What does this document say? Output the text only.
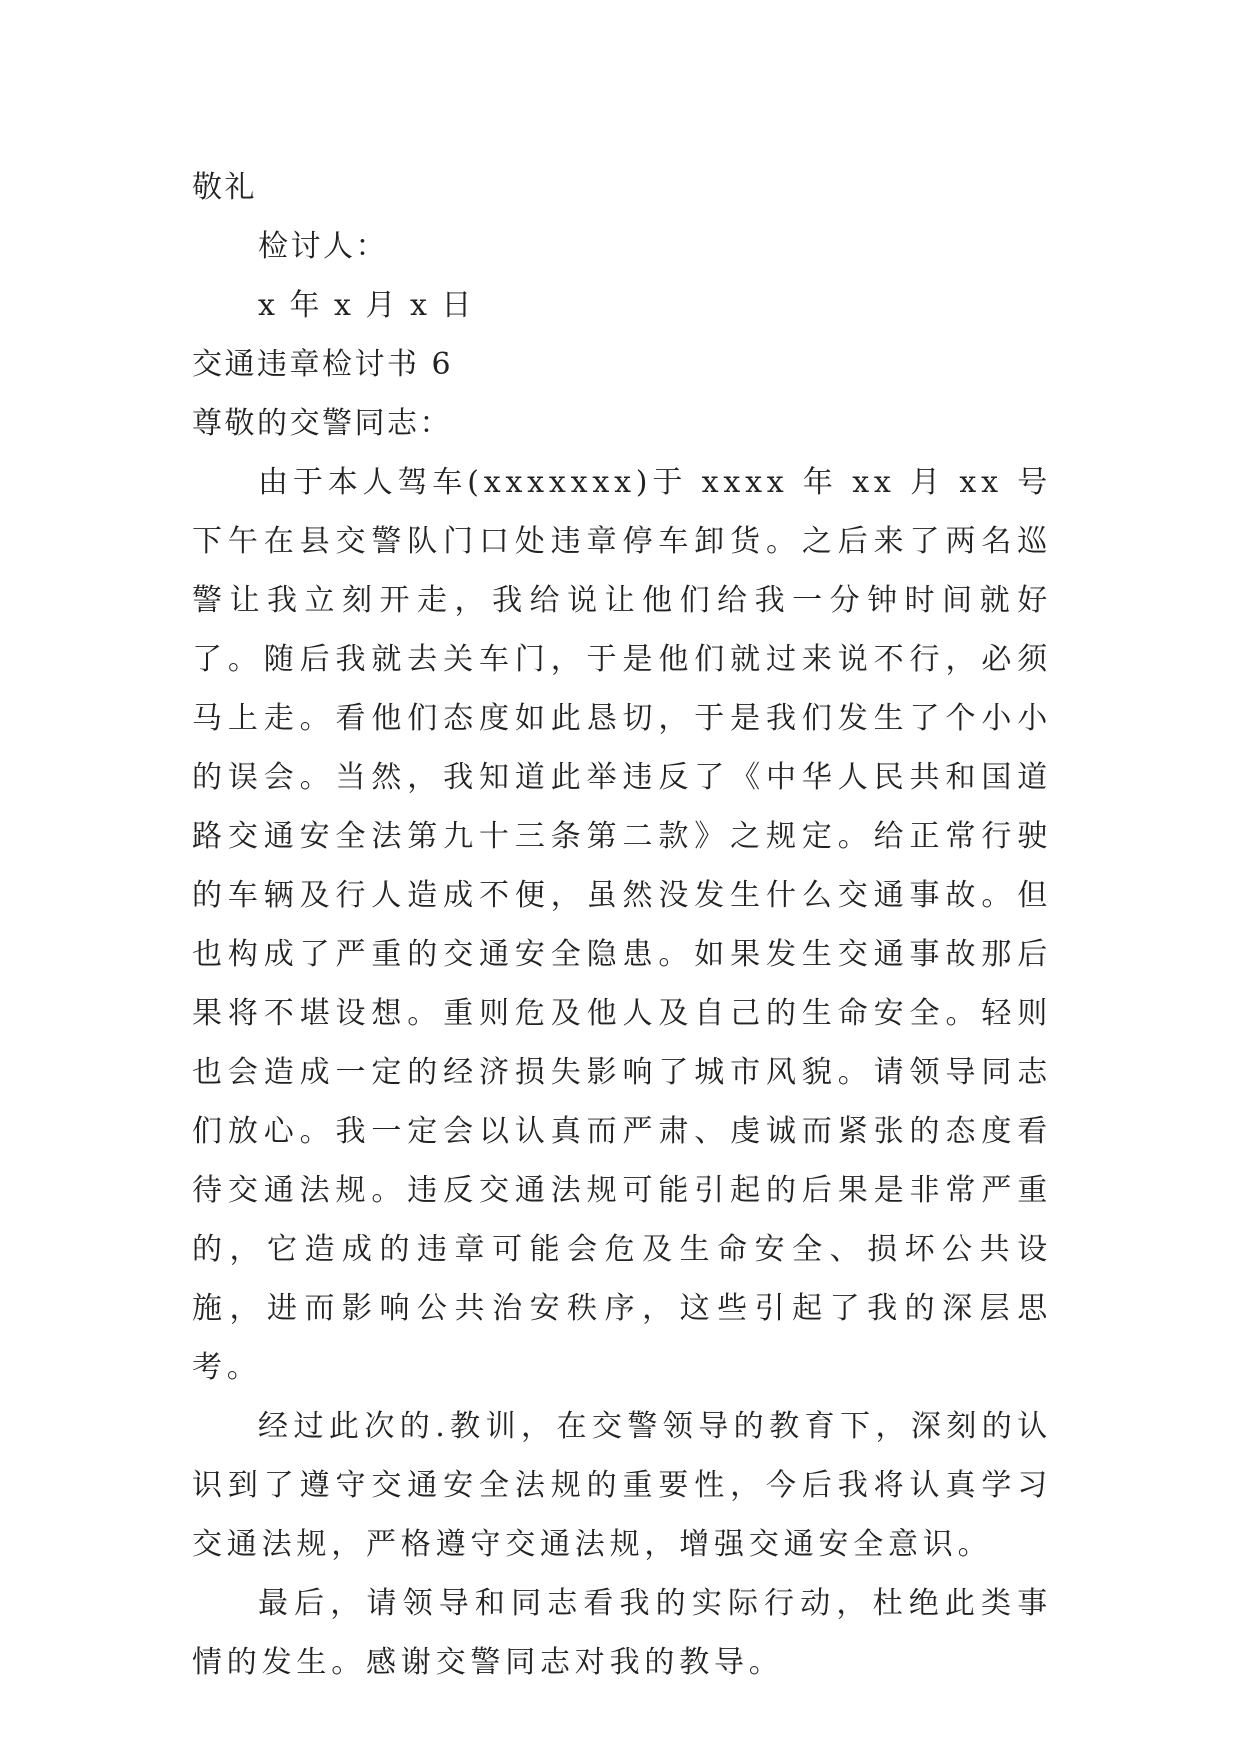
敬礼
检讨人：
x 年 x 月 x 日
交通违章检讨书 6
尊敬的交警同志：

由于本人驾车(xxxxxxx)于 xxxx 年 xx 月 xx 号下午在县交警队门口处违章停车卸货。之后来了两名巡警让我立刻开走，我给说让他们给我一分钟时间就好了。随后我就去关车门，于是他们就过来说不行，必须马上走。看他们态度如此恳切，于是我们发生了个小小的误会。当然，我知道此举违反了《中华人民共和国道路交通安全法第九十三条第二款》之规定。给正常行驶的车辆及行人造成不便，虽然没发生什么交通事故。但也构成了严重的交通安全隐患。如果发生交通事故那后果将不堪设想。重则危及他人及自己的生命安全。轻则也会造成一定的经济损失影响了城市风貌。请领导同志们放心。我一定会以认真而严肃、虔诚而紧张的态度看待交通法规。违反交通法规可能引起的后果是非常严重的，它造成的违章可能会危及生命安全、损坏公共设施，进而影响公共治安秩序，这些引起了我的深层思考。

经过此次的.教训，在交警领导的教育下，深刻的认识到了遵守交通安全法规的重要性，今后我将认真学习交通法规，严格遵守交通法规，增强交通安全意识。

最后，请领导和同志看我的实际行动，杜绝此类事情的发生。感谢交警同志对我的教导。
